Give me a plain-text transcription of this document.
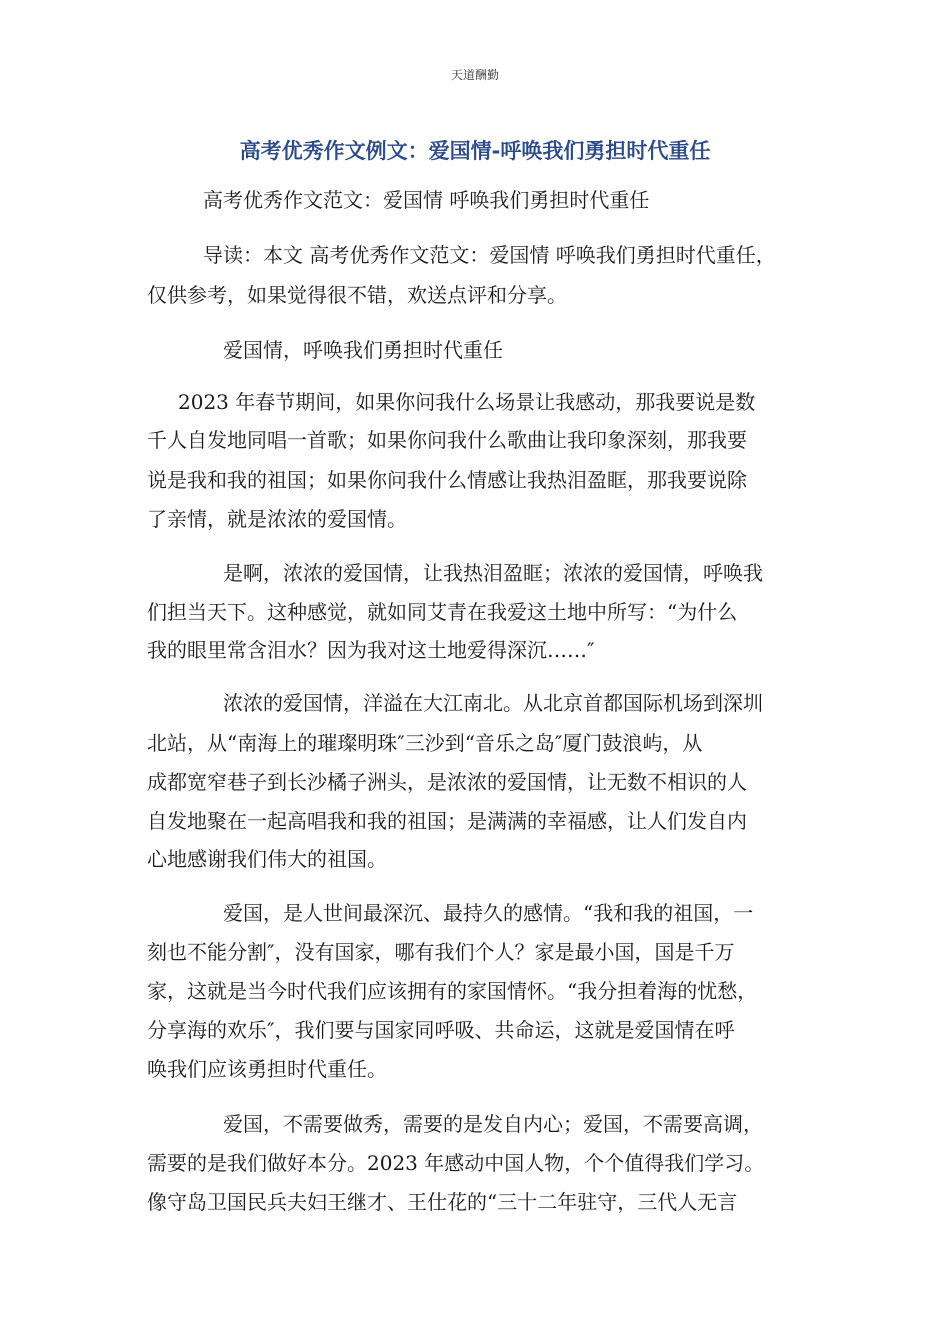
天道酬勤
高考优秀作文例文：爱国情-呼唤我们勇担时代重任
高考优秀作文范文：爱国情 呼唤我们勇担时代重任
导读：本文 高考优秀作文范文：爱国情 呼唤我们勇担时代重任，
仅供参考，如果觉得很不错，欢送点评和分享。
爱国情，呼唤我们勇担时代重任
2023 年春节期间，如果你问我什么场景让我感动，那我要说是数
千人自发地同唱一首歌；如果你问我什么歌曲让我印象深刻，那我要
说是我和我的祖国；如果你问我什么情感让我热泪盈眶，那我要说除
了亲情，就是浓浓的爱国情。
是啊，浓浓的爱国情，让我热泪盈眶；浓浓的爱国情，呼唤我
们担当天下。这种感觉，就如同艾青在我爱这土地中所写：“为什么
我的眼里常含泪水？因为我对这土地爱得深沉……″
浓浓的爱国情，洋溢在大江南北。从北京首都国际机场到深圳
北站，从“南海上的璀璨明珠″三沙到“音乐之岛″厦门鼓浪屿，从
成都宽窄巷子到长沙橘子洲头，是浓浓的爱国情，让无数不相识的人
自发地聚在一起高唱我和我的祖国；是满满的幸福感，让人们发自内
心地感谢我们伟大的祖国。
爱国，是人世间最深沉、最持久的感情。“我和我的祖国，一
刻也不能分割″，没有国家，哪有我们个人？家是最小国，国是千万
家，这就是当今时代我们应该拥有的家国情怀。“我分担着海的忧愁，
分享海的欢乐″，我们要与国家同呼吸、共命运，这就是爱国情在呼
唤我们应该勇担时代重任。
爱国，不需要做秀，需要的是发自内心；爱国，不需要高调，
需要的是我们做好本分。2023 年感动中国人物，个个值得我们学习。
像守岛卫国民兵夫妇王继才、王仕花的“三十二年驻守，三代人无言
